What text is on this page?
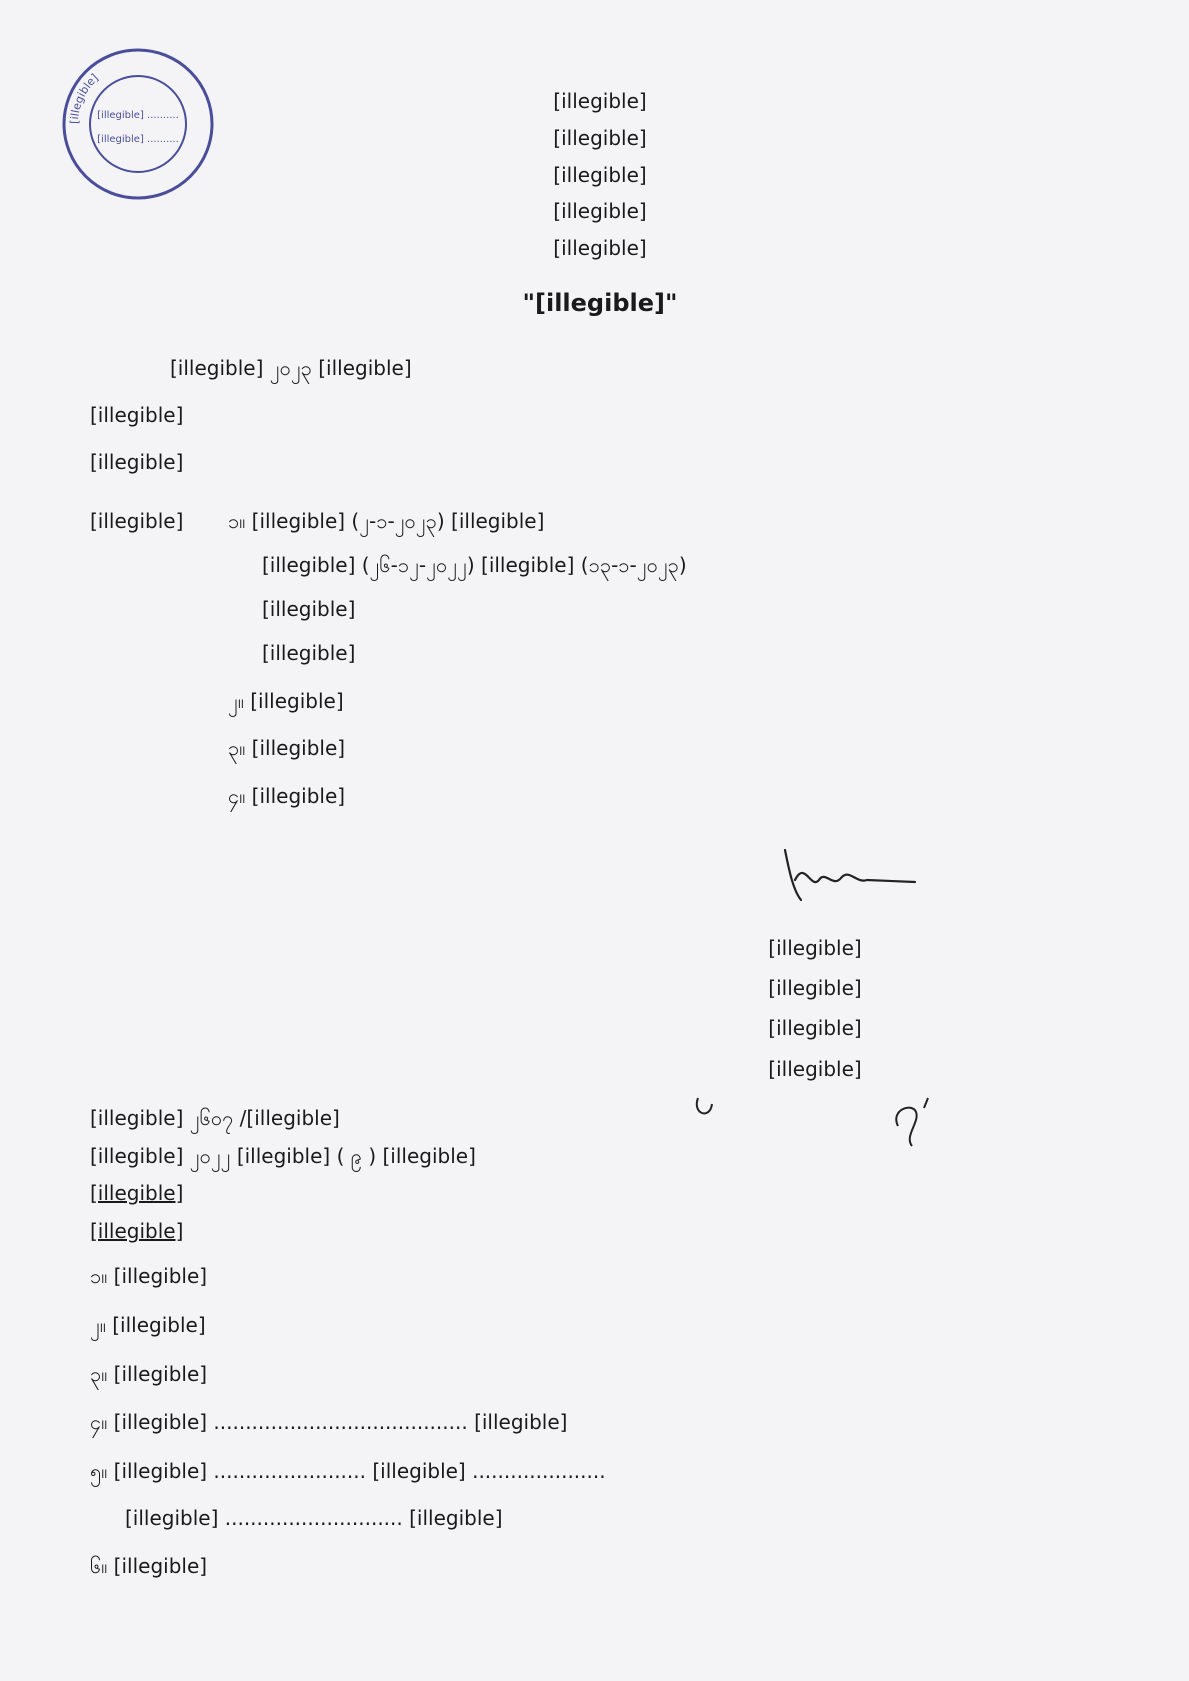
[illegible]
[illegible] ..........
[illegible] ..........
[illegible]
[illegible]
[illegible]
[illegible]
[illegible]
"[illegible]"
[illegible] ၂၀၂၃ [illegible]
[illegible]
[illegible]
[illegible] ၁။ [illegible] (၂-၁-၂၀၂၃) [illegible]
[illegible] (၂၆-၁၂-၂၀၂၂) [illegible] (၁၃-၁-၂၀၂၃)
[illegible]
[illegible]
၂။ [illegible]
၃။ [illegible]
၄။ [illegible]
[illegible]
[illegible]
[illegible]
[illegible]
[illegible] ၂၆၀၇ /[illegible]
[illegible] ၂၀၂၂ [illegible] ( ၉ ) [illegible]
[illegible]
[illegible]
၁။ [illegible]
၂။ [illegible]
၃။ [illegible]
၄။ [illegible] ........................................ [illegible]
၅။ [illegible] ........................ [illegible] .....................
[illegible] ............................ [illegible]
၆။ [illegible]
